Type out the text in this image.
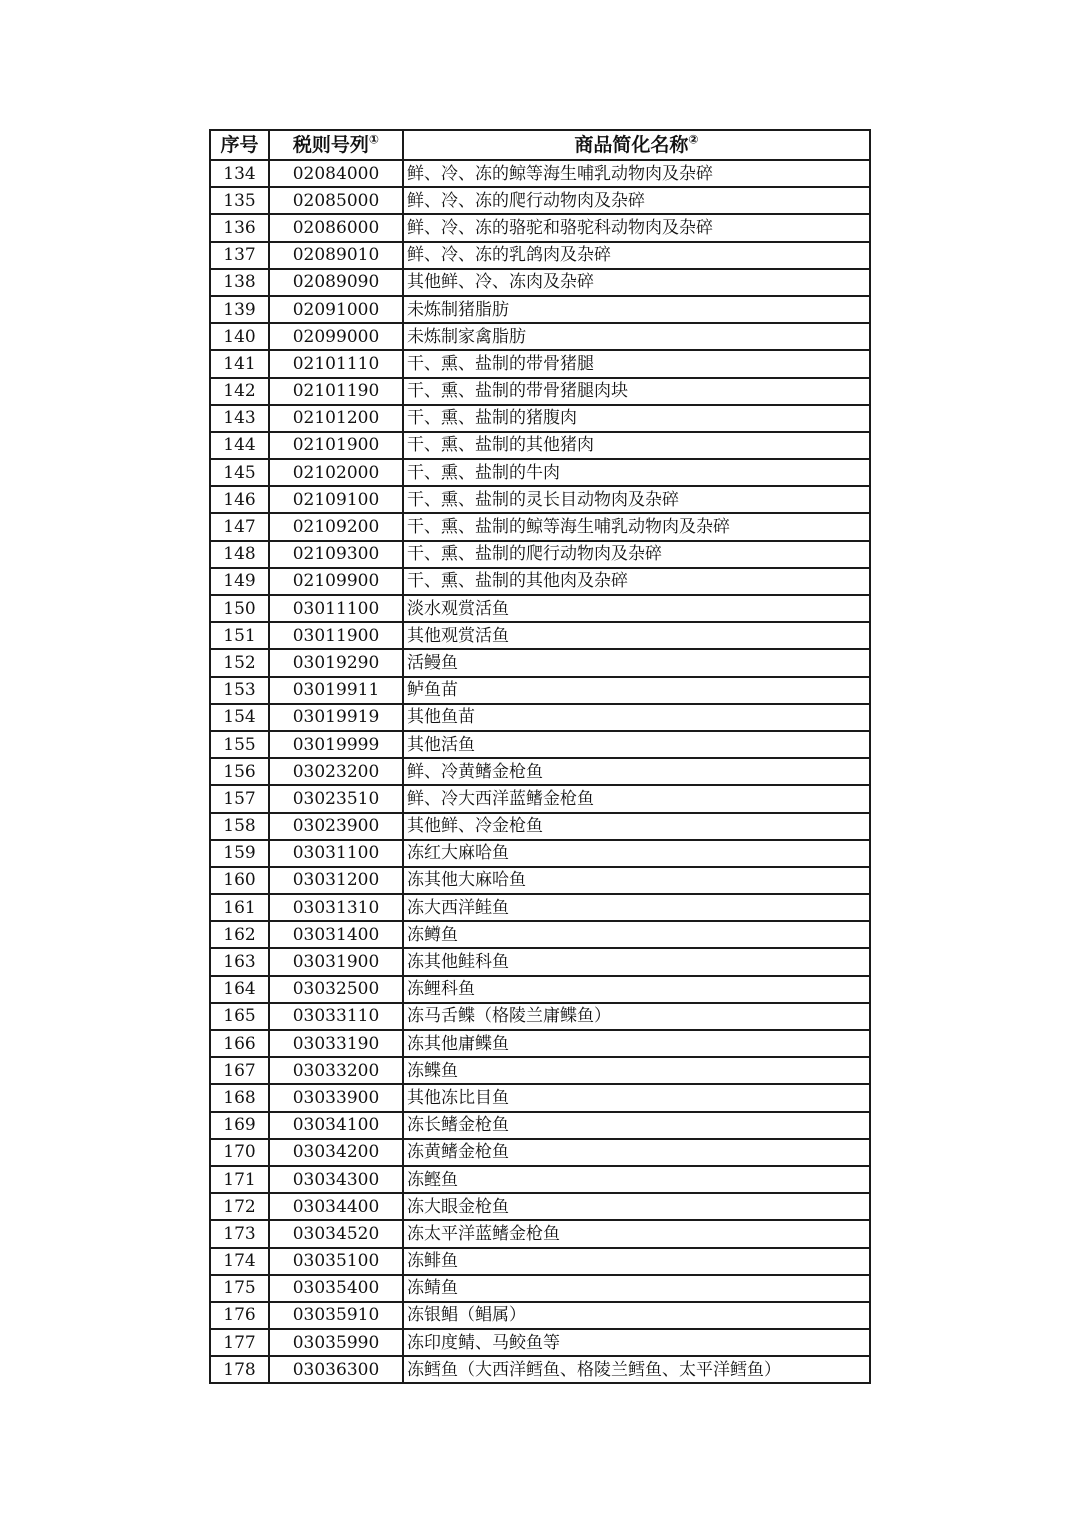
序号	税则号列①	商品简化名称②
134	02084000	鲜、冷、冻的鲸等海生哺乳动物肉及杂碎
135	02085000	鲜、冷、冻的爬行动物肉及杂碎
136	02086000	鲜、冷、冻的骆驼和骆驼科动物肉及杂碎
137	02089010	鲜、冷、冻的乳鸽肉及杂碎
138	02089090	其他鲜、冷、冻肉及杂碎
139	02091000	未炼制猪脂肪
140	02099000	未炼制家禽脂肪
141	02101110	干、熏、盐制的带骨猪腿
142	02101190	干、熏、盐制的带骨猪腿肉块
143	02101200	干、熏、盐制的猪腹肉
144	02101900	干、熏、盐制的其他猪肉
145	02102000	干、熏、盐制的牛肉
146	02109100	干、熏、盐制的灵长目动物肉及杂碎
147	02109200	干、熏、盐制的鲸等海生哺乳动物肉及杂碎
148	02109300	干、熏、盐制的爬行动物肉及杂碎
149	02109900	干、熏、盐制的其他肉及杂碎
150	03011100	淡水观赏活鱼
151	03011900	其他观赏活鱼
152	03019290	活鳗鱼
153	03019911	鲈鱼苗
154	03019919	其他鱼苗
155	03019999	其他活鱼
156	03023200	鲜、冷黄鳍金枪鱼
157	03023510	鲜、冷大西洋蓝鳍金枪鱼
158	03023900	其他鲜、冷金枪鱼
159	03031100	冻红大麻哈鱼
160	03031200	冻其他大麻哈鱼
161	03031310	冻大西洋鲑鱼
162	03031400	冻鳟鱼
163	03031900	冻其他鲑科鱼
164	03032500	冻鲤科鱼
165	03033110	冻马舌鲽（格陵兰庸鲽鱼）
166	03033190	冻其他庸鲽鱼
167	03033200	冻鲽鱼
168	03033900	其他冻比目鱼
169	03034100	冻长鳍金枪鱼
170	03034200	冻黄鳍金枪鱼
171	03034300	冻鲣鱼
172	03034400	冻大眼金枪鱼
173	03034520	冻太平洋蓝鳍金枪鱼
174	03035100	冻鲱鱼
175	03035400	冻鲭鱼
176	03035910	冻银鲳（鲳属）
177	03035990	冻印度鲭、马鲛鱼等
178	03036300	冻鳕鱼（大西洋鳕鱼、格陵兰鳕鱼、太平洋鳕鱼）
